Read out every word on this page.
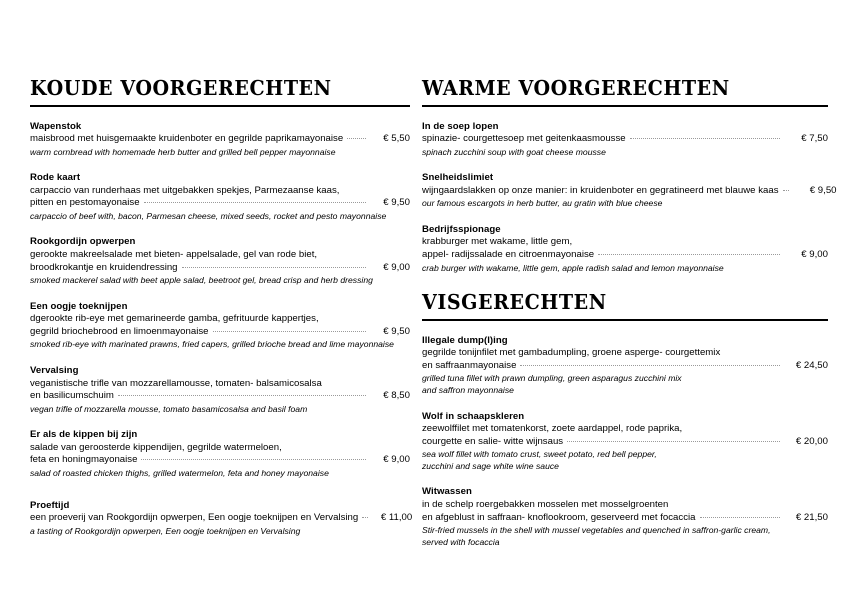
KOUDE VOORGERECHTEN
Wapenstok
maisbrood met huisgemaakte kruidenboter en gegrilde paprikamayonaise	€ 5,50
warm cornbread with homemade herb butter and grilled bell pepper mayonnaise
Rode kaart
carpaccio van runderhaas met uitgebakken spekjes, Parmezaanse kaas,
pitten en pestomayonaise	€ 9,50
carpaccio of beef with, bacon, Parmesan cheese, mixed seeds, rocket and pesto mayonnaise
Rookgordijn opwerpen
gerookte makreelsalade met bieten- appelsalade, gel van rode biet,
broodkrokantje en kruidendressing	€ 9,00
smoked mackerel salad with beet apple salad, beetroot gel, bread crisp and herb dressing
Een oogje toeknijpen
dgerookte rib-eye met gemarineerde gamba, gefrituurde kappertjes,
gegrild briochebrood en limoenmayonaise	€ 9,50
smoked rib-eye with marinated prawns, fried capers, grilled brioche bread and lime mayonnaise
Vervalsing
veganistische trifle van mozzarellamousse, tomaten- balsamicosalsa
en basilicumschuim	€ 8,50
vegan trifle of mozzarella mousse, tomato basamicosalsa and basil foam
Er als de kippen bij zijn
salade van geroosterde kippendijen, gegrilde watermeloen,
feta en honingmayonaise	€ 9,00
salad of roasted chicken thighs, grilled watermelon, feta and honey mayonaise
Proeftijd
een proeverij van Rookgordijn opwerpen, Een oogje toeknijpen en Vervalsing	€ 11,00
a tasting of Rookgordijn opwerpen, Een oogje toeknijpen en Vervalsing
WARME VOORGERECHTEN
In de soep lopen
spinazie- courgettesoep met geitenkaasmousse	€ 7,50
spinach zucchini soup with goat cheese mousse
Snelheidslimiet
wijngaardslakken op onze manier: in kruidenboter en gegratineerd met blauwe kaas	€ 9,50
our famous escargots in herb butter, au gratin with blue cheese
Bedrijfsspionage
krabburger met wakame, little gem,
appel- radijssalade en citroenmayonaise	€ 9,00
crab burger with wakame, little gem, apple radish salad and lemon mayonnaise
VISGERECHTEN
Illegale dump(l)ing
gegrilde tonijnfilet met gambadumpling, groene asperge- courgettemix
en saffraanmayonaise	€ 24,50
grilled tuna fillet with prawn dumpling, green asparagus zucchini mix
and saffron mayonnaise
Wolf in schaapskleren
zeewolffilet met tomatenkorst, zoete aardappel, rode paprika,
courgette en salie- witte wijnsaus	€ 20,00
sea wolf fillet with tomato crust, sweet potato, red bell pepper,
zucchini and sage white wine sauce
Witwassen
in de schelp roergebakken mosselen met mosselgroenten
en afgeblust in saffraan- knoflookroom, geserveerd met focaccia	€ 21,50
Stir-fried mussels in the shell with mussel vegetables and quenched in saffron-garlic cream,
served with focaccia
